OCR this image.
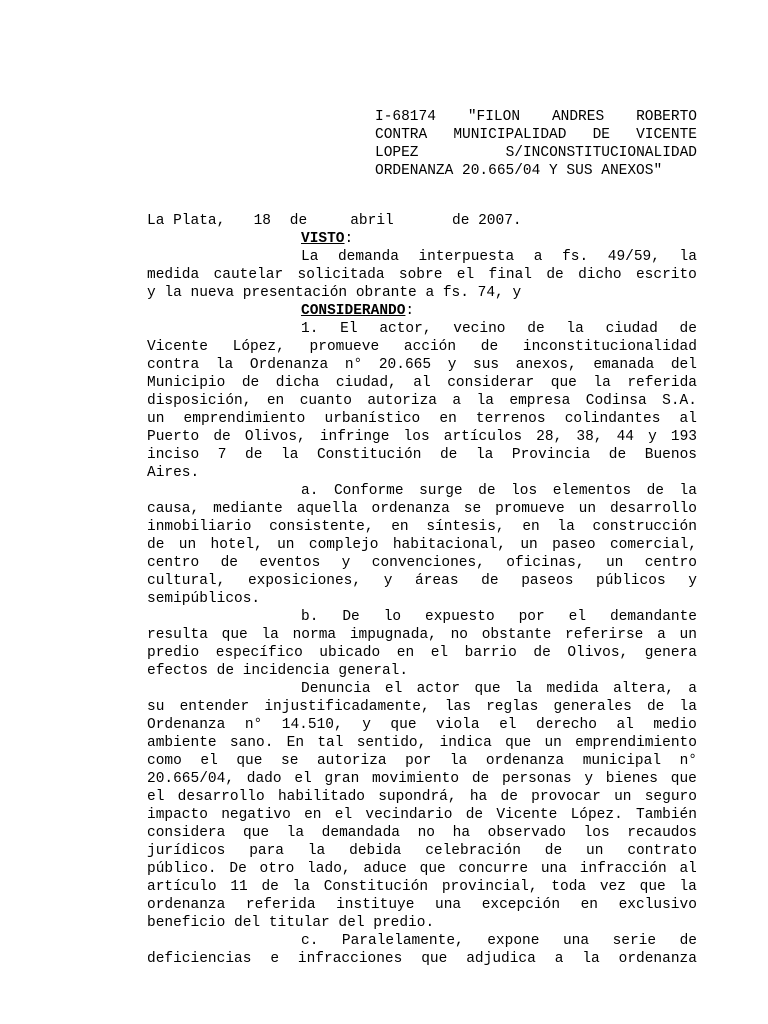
I-68174 "FILON ANDRES ROBERTO
CONTRA MUNICIPALIDAD DE VICENTE
LOPEZ	S/INCONSTITUCIONALIDAD
ORDENANZA 20.665/04 Y SUS ANEXOS"
La Plata,	18	de	abril	de 2007.
VISTO :
La demanda interpuesta a fs. 49/59, la
medida cautelar solicitada sobre el final de dicho escrito
y la nueva presentación obrante a fs. 74, y
CONSIDERANDO :
1. El actor, vecino de la ciudad de
Vicente López, promueve acción de inconstitucionalidad
contra la Ordenanza n° 20.665 y sus anexos, emanada del
Municipio de dicha ciudad, al considerar que la referida
disposición, en cuanto autoriza a la empresa Codinsa S.A.
un emprendimiento urbanístico en terrenos colindantes al
Puerto de Olivos, infringe los artículos 28, 38, 44 y 193
inciso 7 de la Constitución de la Provincia de Buenos
Aires.
a. Conforme surge de los elementos de la
causa, mediante aquella ordenanza se promueve un desarrollo
inmobiliario consistente, en síntesis, en la construcción
de un hotel, un complejo habitacional, un paseo comercial,
centro de eventos y convenciones, oficinas, un centro
cultural, exposiciones, y áreas de paseos públicos y
semipúblicos.
b. De lo expuesto por el demandante
resulta que la norma impugnada, no obstante referirse a un
predio específico ubicado en el barrio de Olivos, genera
efectos de incidencia general.
Denuncia el actor que la medida altera, a
su entender injustificadamente, las reglas generales de la
Ordenanza n° 14.510, y que viola el derecho al medio
ambiente sano. En tal sentido, indica que un emprendimiento
como el que se autoriza por la ordenanza municipal n°
20.665/04, dado el gran movimiento de personas y bienes que
el desarrollo habilitado supondrá, ha de provocar un seguro
impacto negativo en el vecindario de Vicente López. También
considera que la demandada no ha observado los recaudos
jurídicos para la debida celebración de un contrato
público. De otro lado, aduce que concurre una infracción al
artículo 11 de la Constitución provincial, toda vez que la
ordenanza referida instituye una excepción en exclusivo
beneficio del titular del predio.
c. Paralelamente, expone una serie de
deficiencias e infracciones que adjudica a la ordenanza
